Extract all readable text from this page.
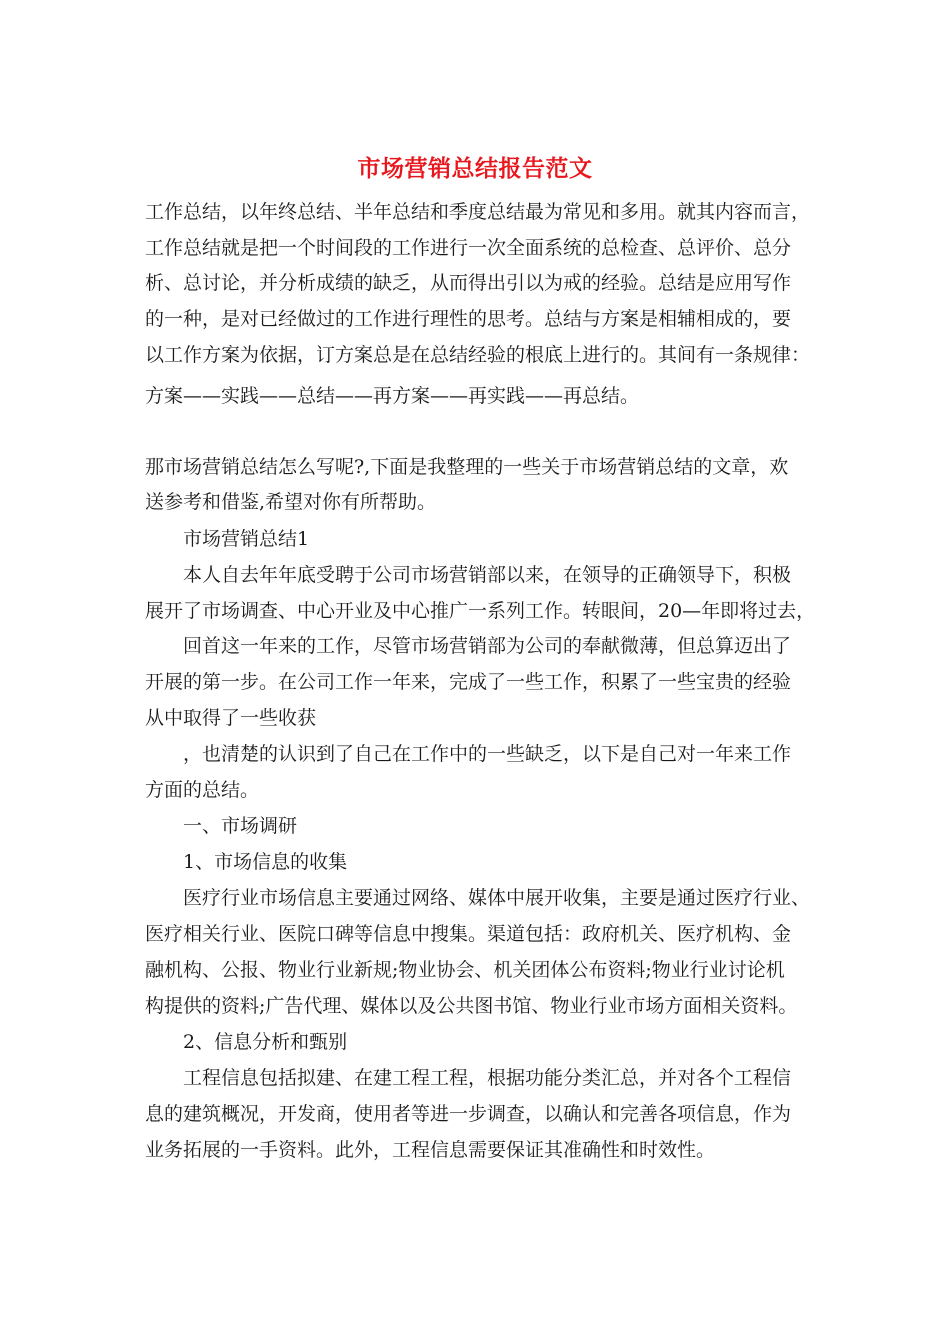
市场营销总结报告范文
工作总结，以年终总结、半年总结和季度总结最为常见和多用。就其内容而言，
工作总结就是把一个时间段的工作进行一次全面系统的总检查、总评价、总分
析、总讨论，并分析成绩的缺乏，从而得出引以为戒的经验。总结是应用写作
的一种，是对已经做过的工作进行理性的思考。总结与方案是相辅相成的，要
以工作方案为依据，订方案总是在总结经验的根底上进行的。其间有一条规律：
方案——实践——总结——再方案——再实践——再总结。
那市场营销总结怎么写呢?,下面是我整理的一些关于市场营销总结的文章，欢
送参考和借鉴,希望对你有所帮助。
市场营销总结1
本人自去年年底受聘于公司市场营销部以来，在领导的正确领导下，积极
展开了市场调查、中心开业及中心推广一系列工作。转眼间，20—年即将过去，
回首这一年来的工作，尽管市场营销部为公司的奉献微薄，但总算迈出了
开展的第一步。在公司工作一年来，完成了一些工作，积累了一些宝贵的经验
从中取得了一些收获
，也清楚的认识到了自己在工作中的一些缺乏，以下是自己对一年来工作
方面的总结。
一、市场调研
1、市场信息的收集
医疗行业市场信息主要通过网络、媒体中展开收集，主要是通过医疗行业、
医疗相关行业、医院口碑等信息中搜集。渠道包括：政府机关、医疗机构、金
融机构、公报、物业行业新规;物业协会、机关团体公布资料;物业行业讨论机
构提供的资料;广告代理、媒体以及公共图书馆、物业行业市场方面相关资料。
2、信息分析和甄别
工程信息包括拟建、在建工程工程，根据功能分类汇总，并对各个工程信
息的建筑概况，开发商，使用者等进一步调查，以确认和完善各项信息，作为
业务拓展的一手资料。此外，工程信息需要保证其准确性和时效性。
